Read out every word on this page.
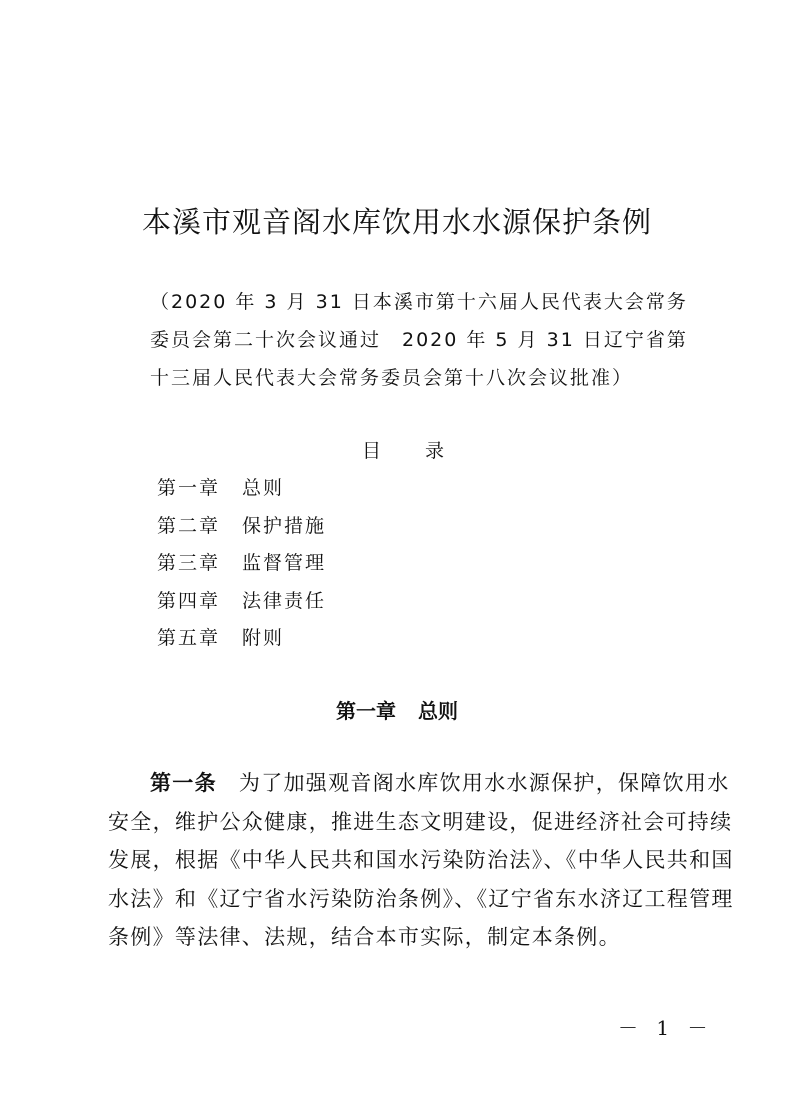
本溪市观音阁水库饮用水水源保护条例
（2020 年 3 月 31 日本溪市第十六届人民代表大会常务
委员会第二十次会议通过　2020 年 5 月 31 日辽宁省第
十三届人民代表大会常务委员会第十八次会议批准）
目 录
第一章 总则
第二章 保护措施
第三章 监督管理
第四章 法律责任
第五章 附则
第一章 总则
第一条 为了加强观音阁水库饮用水水源保护，保障饮用水
安全，维护公众健康，推进生态文明建设，促进经济社会可持续
发展，根据《中华人民共和国水污染防治法》、《中华人民共和国
水法》和《辽宁省水污染防治条例》、《辽宁省东水济辽工程管理
条例》等法律、法规，结合本市实际，制定本条例。
－ 1 －
